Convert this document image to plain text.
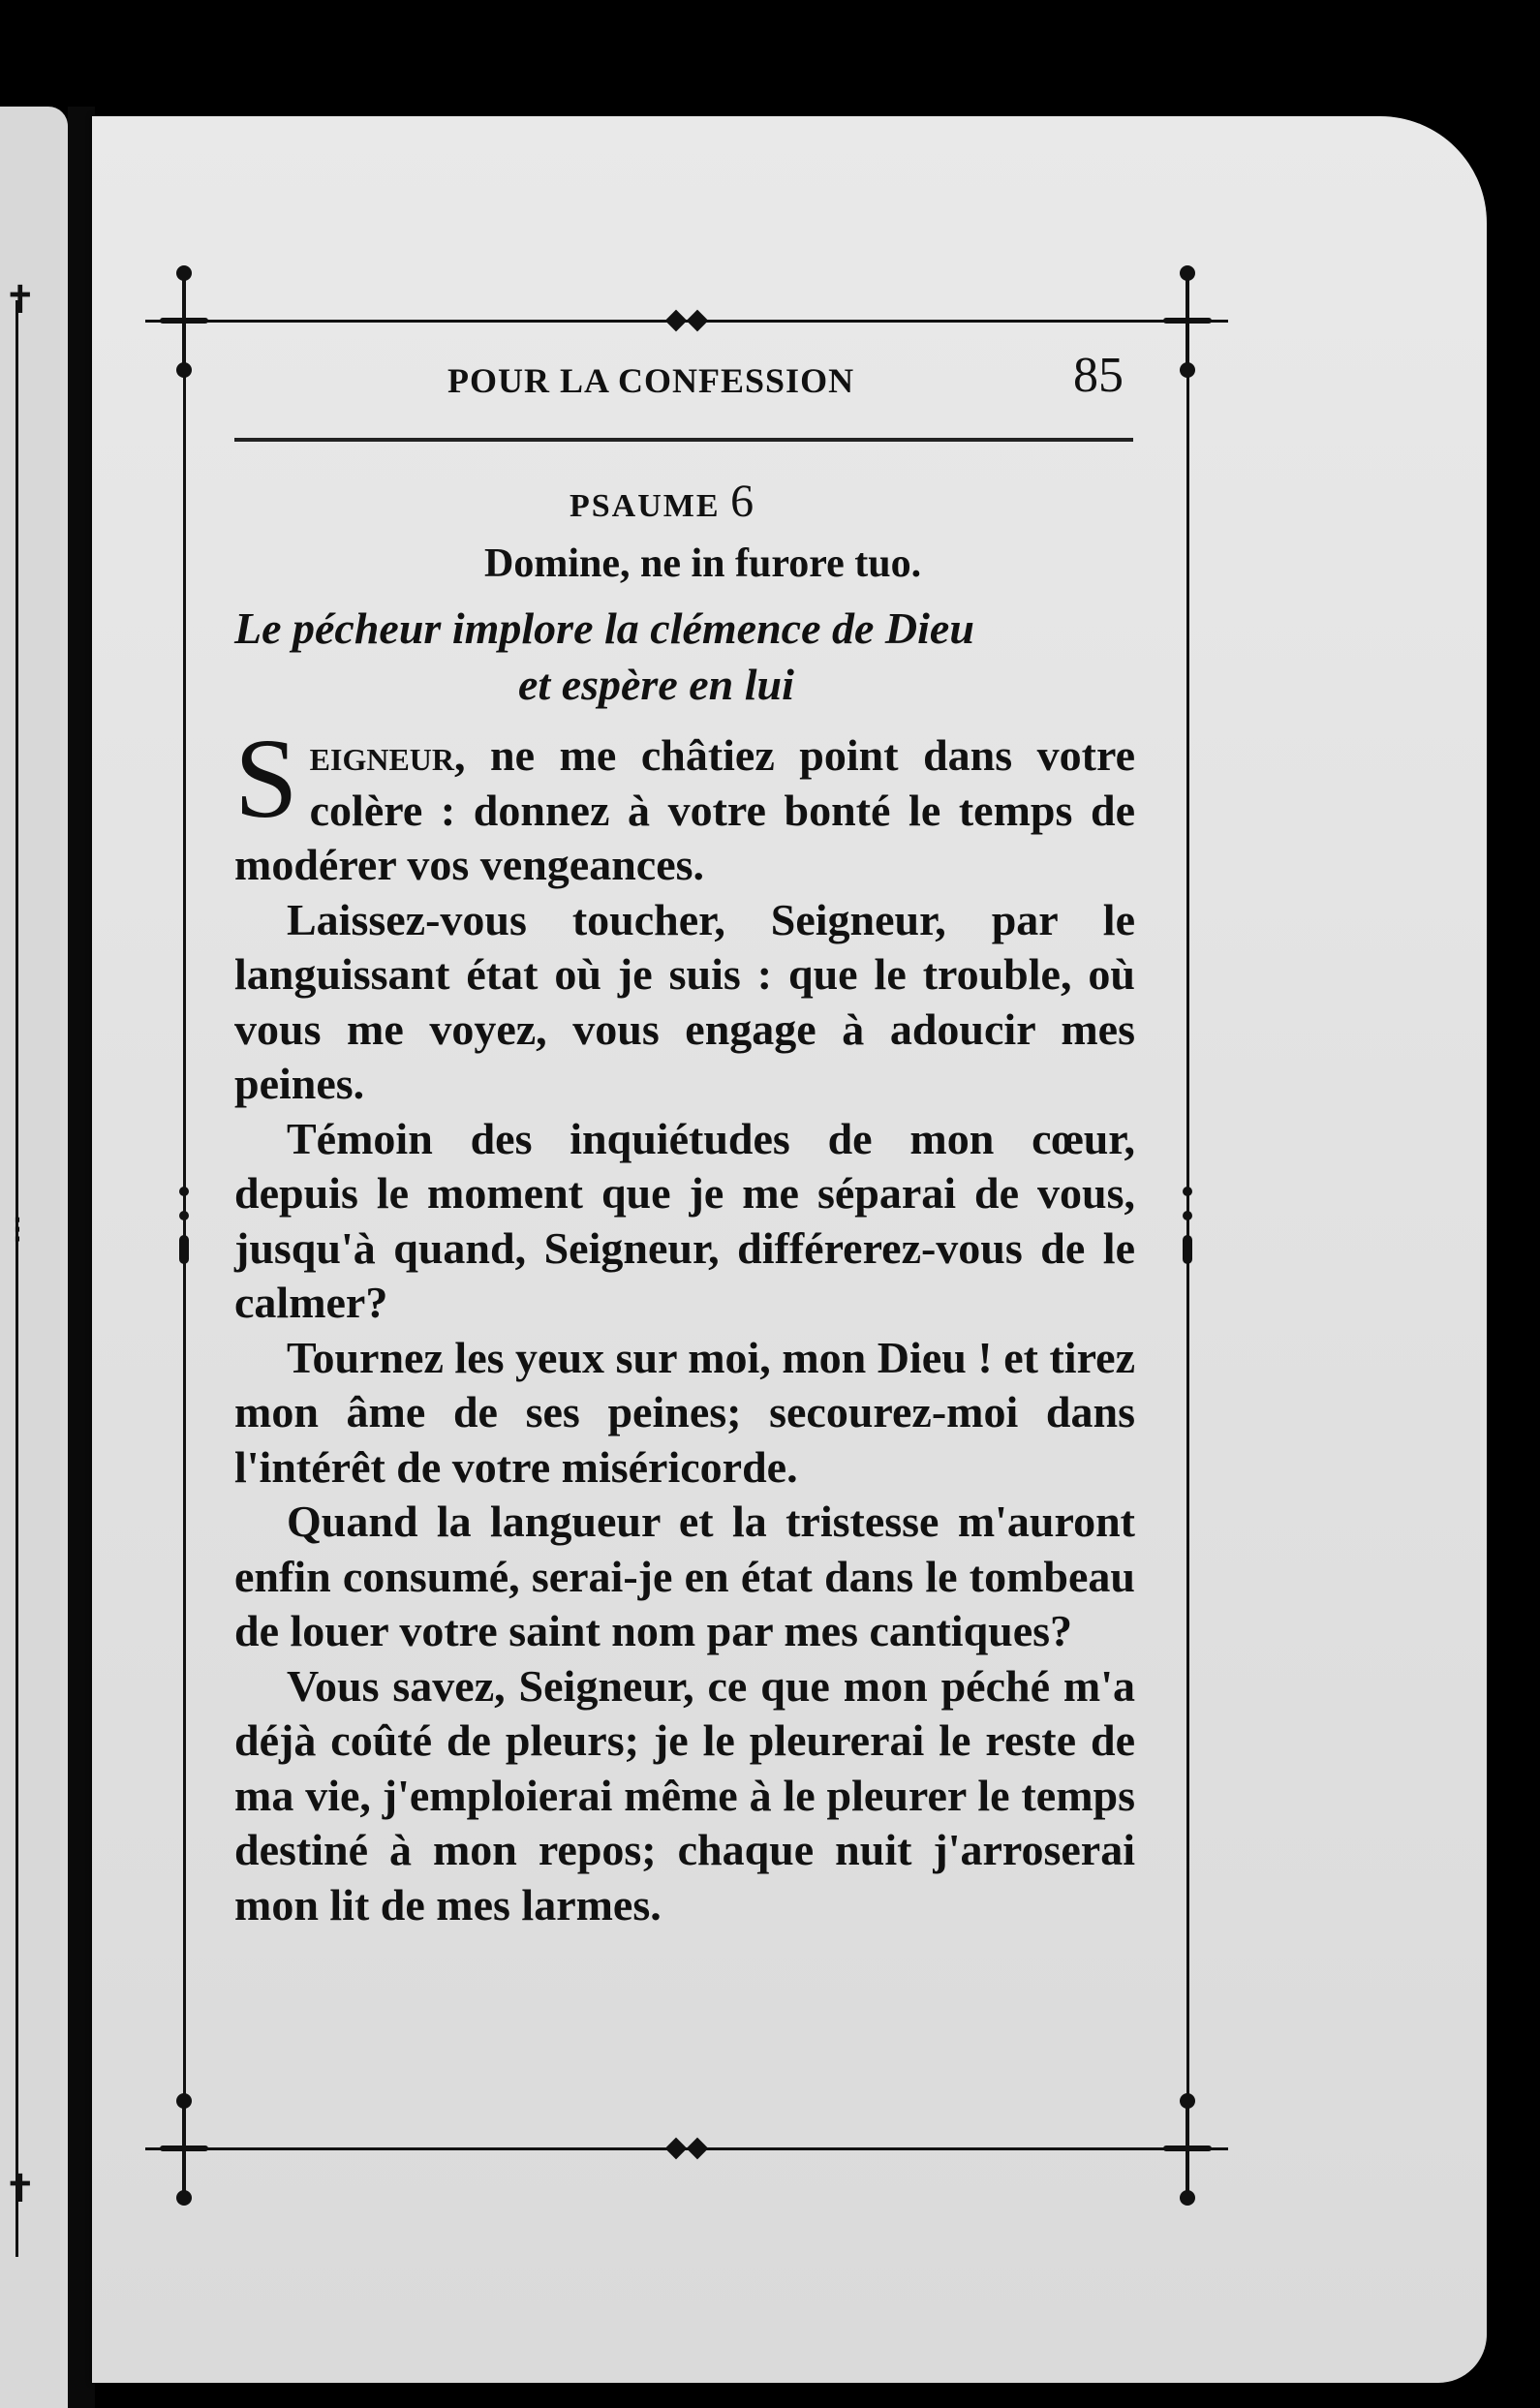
✝
⁝
✝
POUR LA CONFESSION	85
PSAUME 6
Domine, ne in furore tuo.
Le pécheur implore la clémence de Dieu
et espère en lui

Seigneur, ne me châtiez point dans votre colère : donnez à votre bonté le temps de modérer vos vengeances.

Laissez-vous toucher, Seigneur, par le languissant état où je suis : que le trouble, où vous me voyez, vous engage à adoucir mes peines.

Témoin des inquiétudes de mon cœur, depuis le moment que je me séparai de vous, jusqu'à quand, Seigneur, différerez-vous de le calmer?

Tournez les yeux sur moi, mon Dieu ! et tirez mon âme de ses peines; secourez-moi dans l'intérêt de votre miséricorde.

Quand la langueur et la tristesse m'auront enfin consumé, serai-je en état dans le tombeau de louer votre saint nom par mes cantiques?

Vous savez, Seigneur, ce que mon péché m'a déjà coûté de pleurs; je le pleurerai le reste de ma vie, j'emploierai même à le pleurer le temps destiné à mon repos; chaque nuit j'arroserai mon lit de mes larmes.
